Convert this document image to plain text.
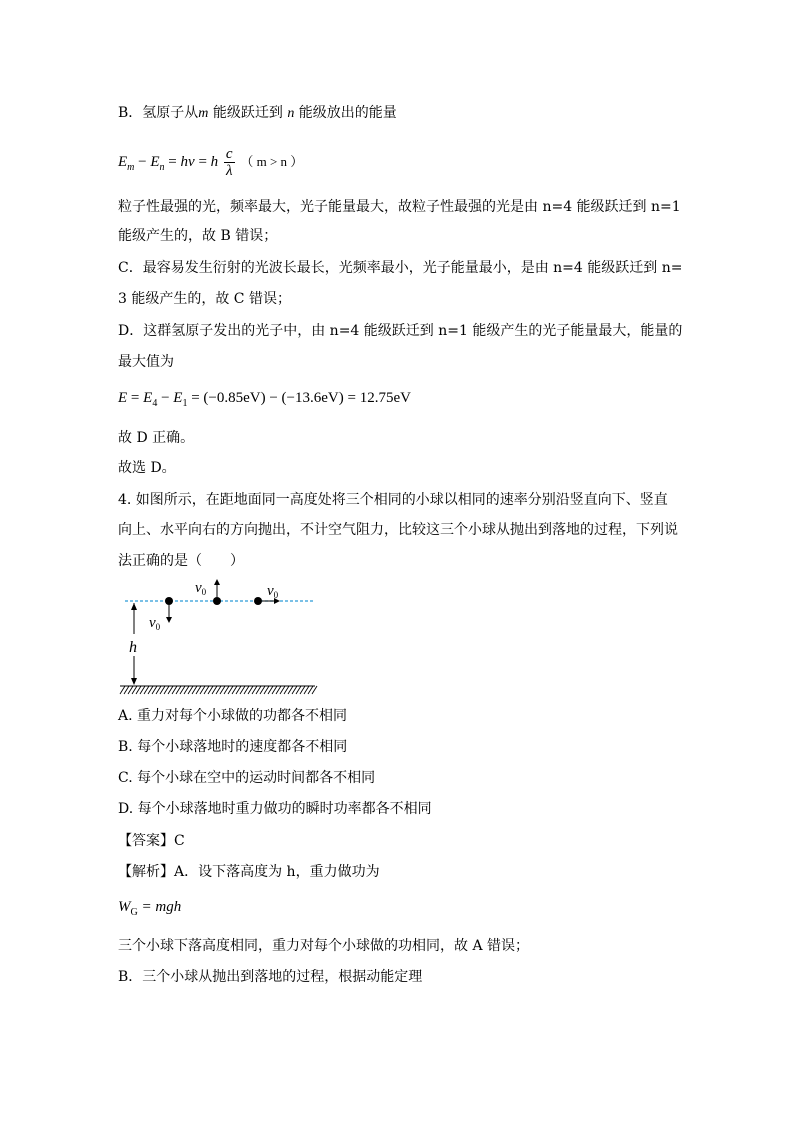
B．氢原子从m 能级跃迁到 n 能级放出的能量
$E_m - E_n = h\nu = h \frac{c}{\lambda}$ （ m > n ）
粒子性最强的光，频率最大，光子能量最大，故粒子性最强的光是由 n=4 能级跃迁到 n=1
能级产生的，故 B 错误；
C．最容易发生衍射的光波长最长，光频率最小，光子能量最小，是由 n=4 能级跃迁到 n=
3 能级产生的，故 C 错误；
D．这群氢原子发出的光子中，由 n=4 能级跃迁到 n=1 能级产生的光子能量最大，能量的
最大值为
$E = E_4 - E_1 = (-0.85eV) - (-13.6eV) = 12.75eV$
故 D 正确。
故选 D。
4. 如图所示，在距地面同一高度处将三个相同的小球以相同的速率分别沿竖直向下、竖直
向上、水平向右的方向抛出，不计空气阻力，比较这三个小球从抛出到落地的过程，下列说
法正确的是（　　）
h
$v_0$
$v_0$	$v_0$
A. 重力对每个小球做的功都各不相同
B. 每个小球落地时的速度都各不相同
C. 每个小球在空中的运动时间都各不相同
D. 每个小球落地时重力做功的瞬时功率都各不相同
【答案】C
【解析】A．设下落高度为 h，重力做功为
$W_G$ = mgh
三个小球下落高度相同，重力对每个小球做的功相同，故 A 错误；
B．三个小球从抛出到落地的过程，根据动能定理
